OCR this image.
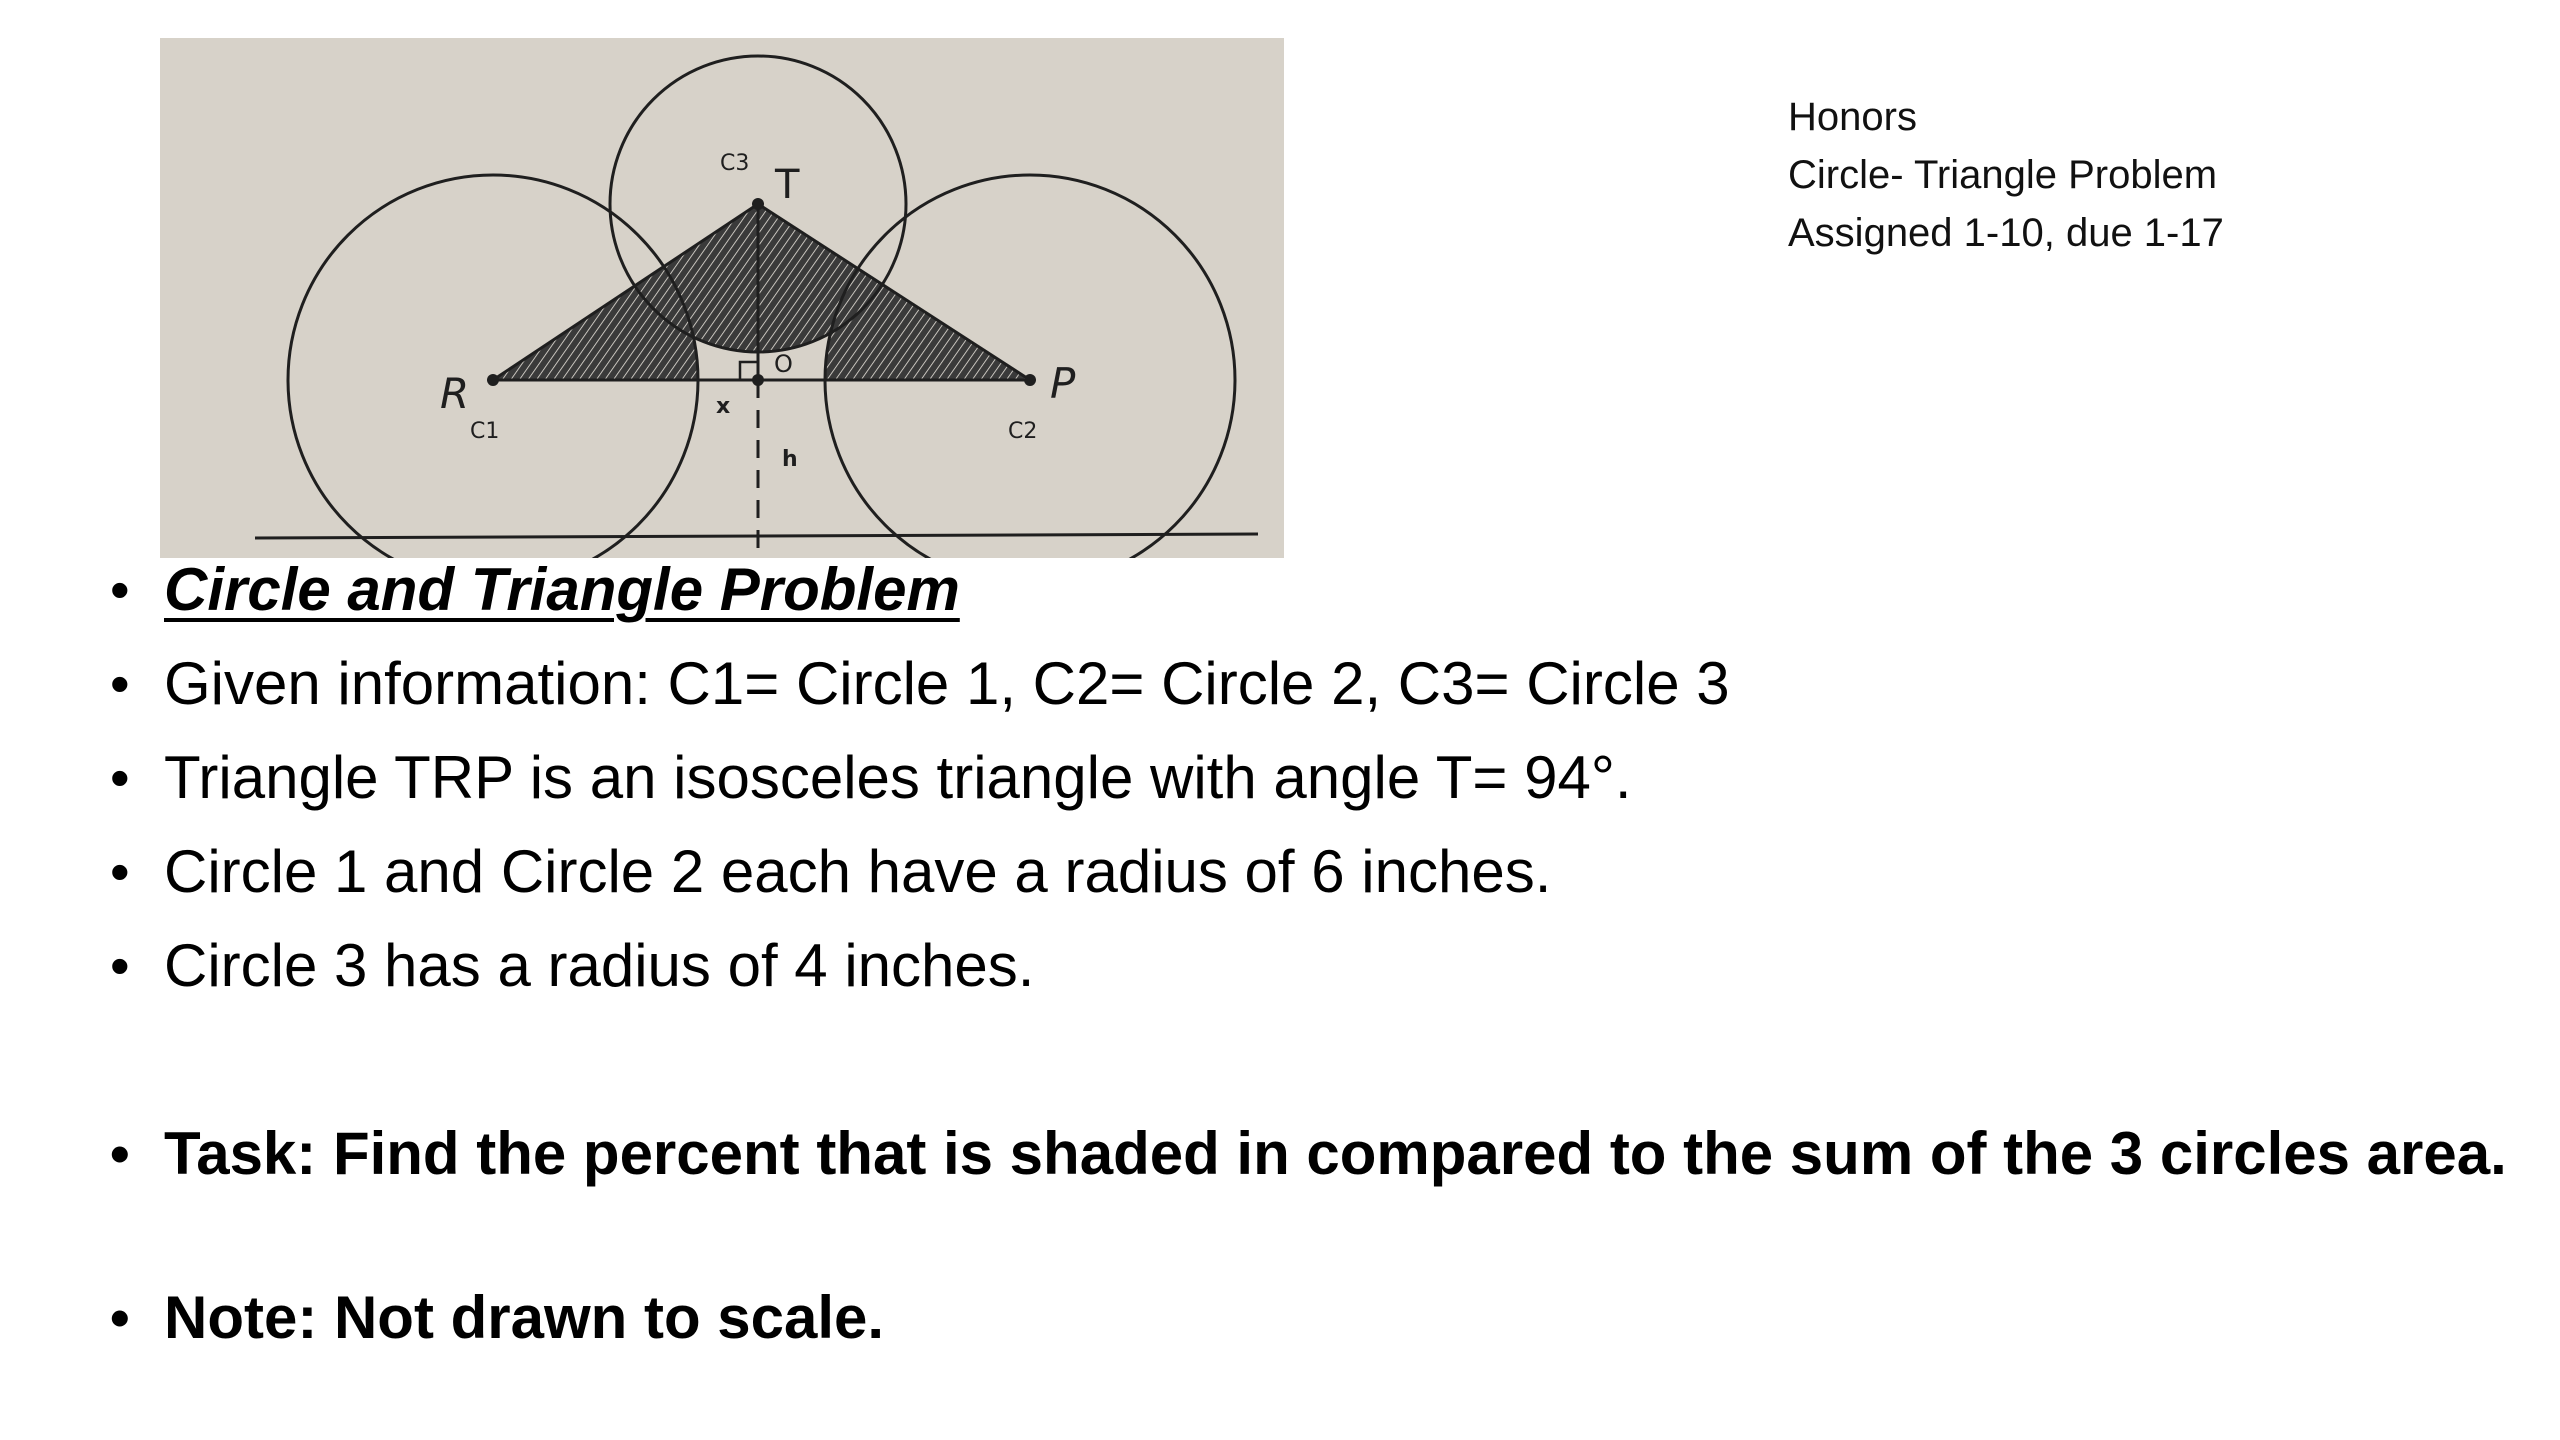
C3 T
R
C1
P
C2
O
x
h
Honors
Circle- Triangle Problem
Assigned 1-10, due 1-17
• Circle and Triangle Problem
• Given information: C1= Circle 1, C2= Circle 2, C3= Circle 3
• Triangle TRP is an isosceles triangle with angle T= 94°.
• Circle 1 and Circle 2 each have a radius of 6 inches.
• Circle 3 has a radius of 4 inches.
• Task: Find the percent that is shaded in compared to the sum of the 3 circles area.
• Note: Not drawn to scale.
